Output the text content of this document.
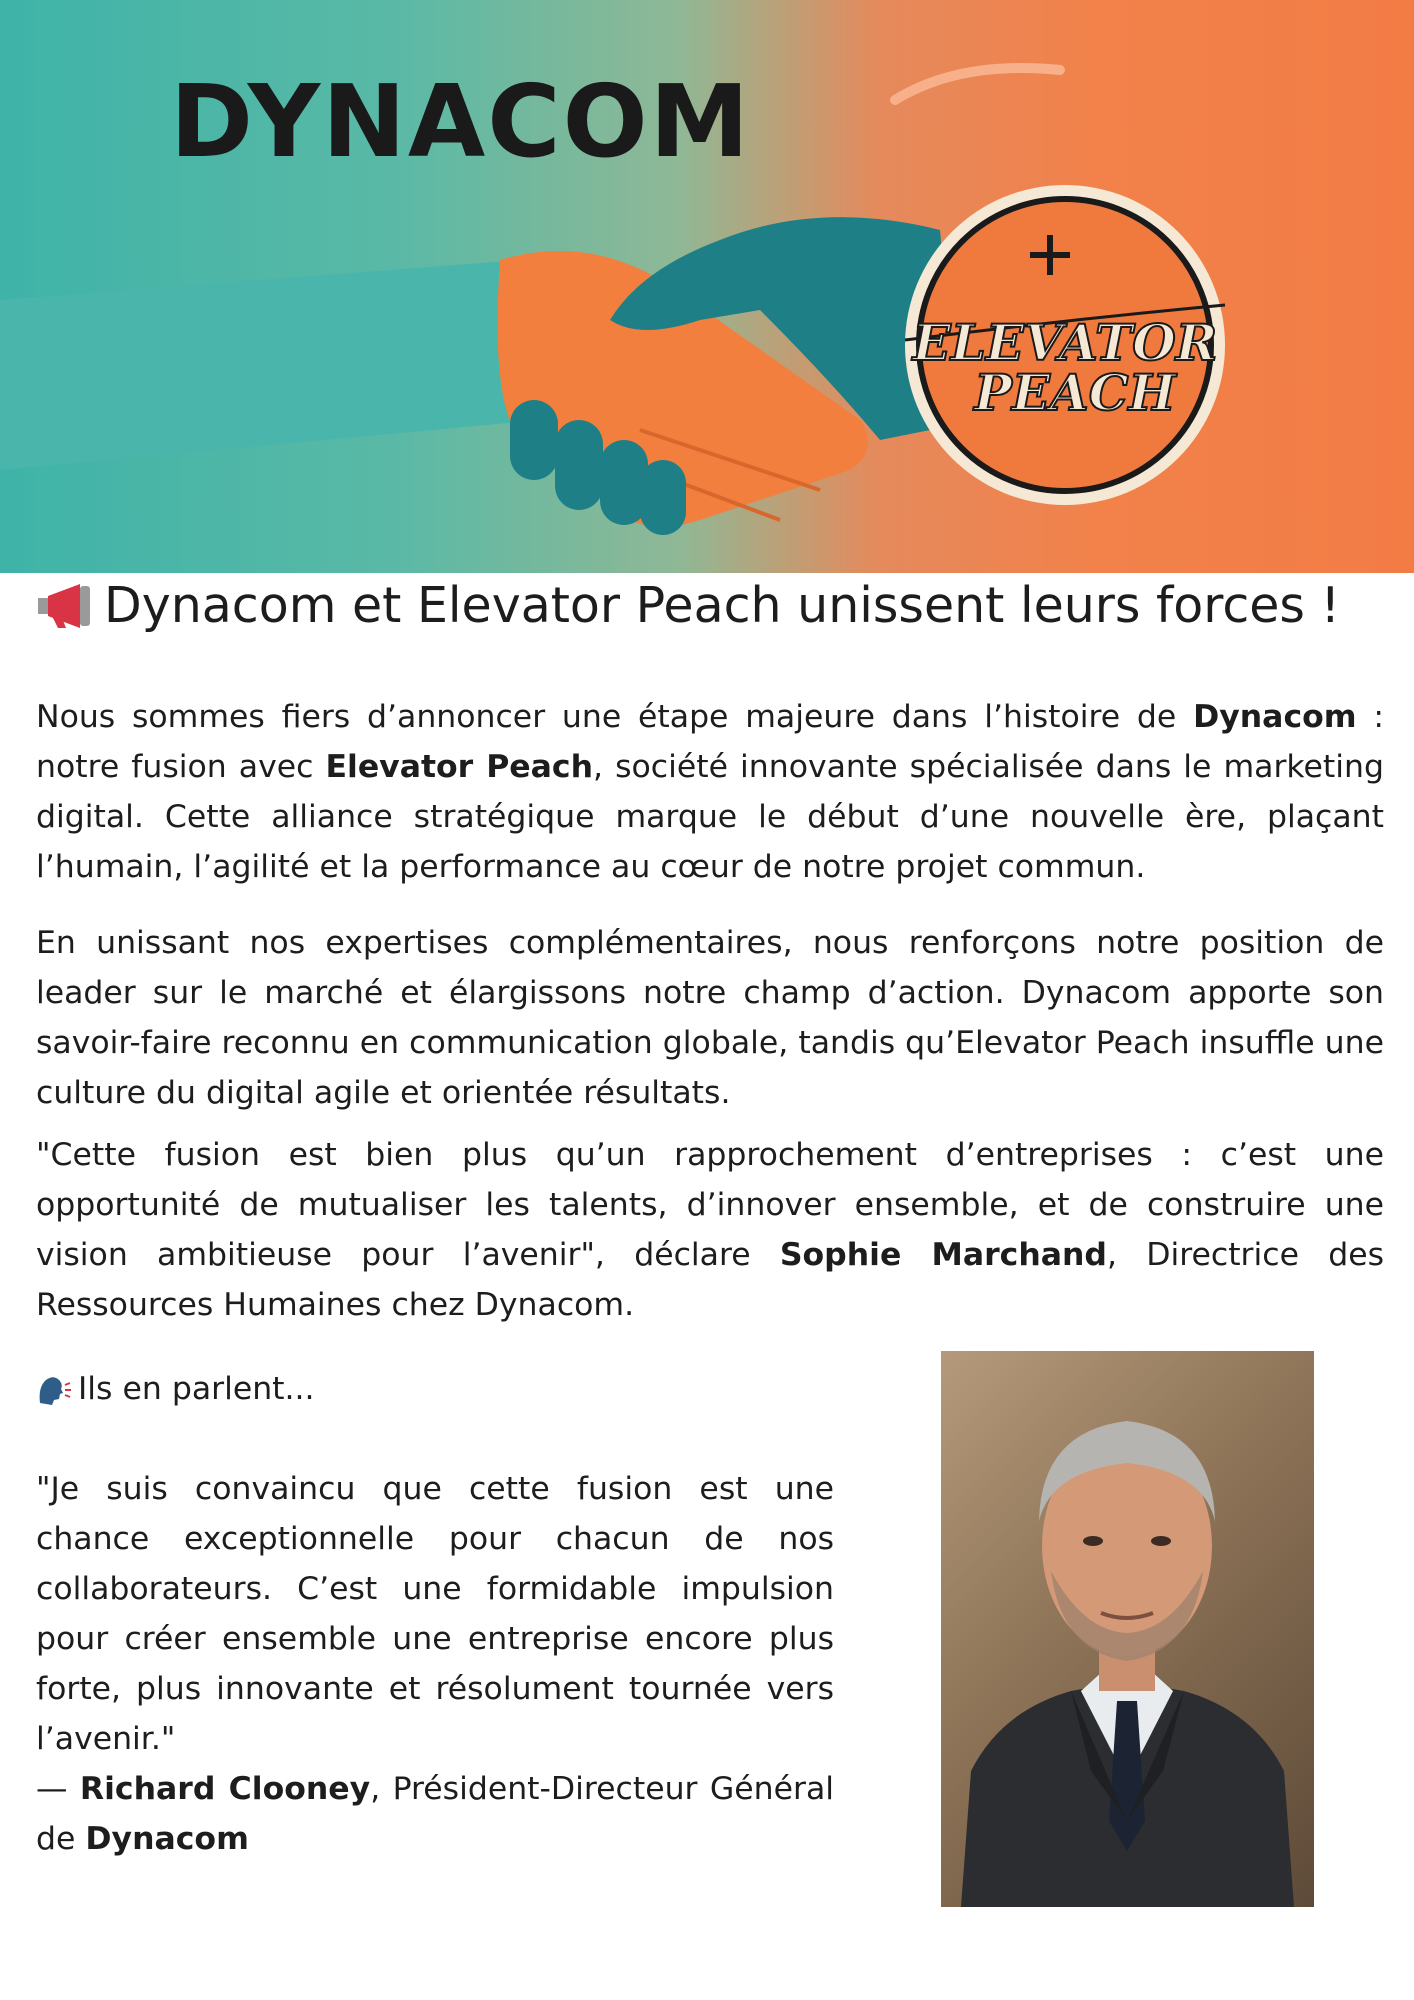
ELEVATOR
PEACH
DYNACOM
Dynacom et Elevator Peach unissent leurs forces !

Nous sommes fiers d’annoncer une étape majeure dans l’histoire de Dynacom : notre fusion avec Elevator Peach, société innovante spécialisée dans le marketing digital. Cette alliance stratégique marque le début d’une nouvelle ère, plaçant l’humain, l’agilité et la performance au cœur de notre projet commun.

En unissant nos expertises complémentaires, nous renforçons notre position de leader sur le marché et élargissons notre champ d’action. Dynacom apporte son savoir-faire reconnu en communication globale, tandis qu’Elevator Peach insuffle une culture du digital agile et orientée résultats.

"Cette fusion est bien plus qu’un rapprochement d’entreprises : c’est une opportunité de mutualiser les talents, d’innover ensemble, et de construire une vision ambitieuse pour l’avenir", déclare Sophie Marchand, Directrice des Ressources Humaines chez Dynacom.

Ils en parlent...

"Je suis convaincu que cette fusion est une chance exceptionnelle pour chacun de nos collaborateurs. C’est une formidable impulsion pour créer ensemble une entreprise encore plus forte, plus innovante et résolument tournée vers l’avenir."

— Richard Clooney, Président-Directeur Général de Dynacom
